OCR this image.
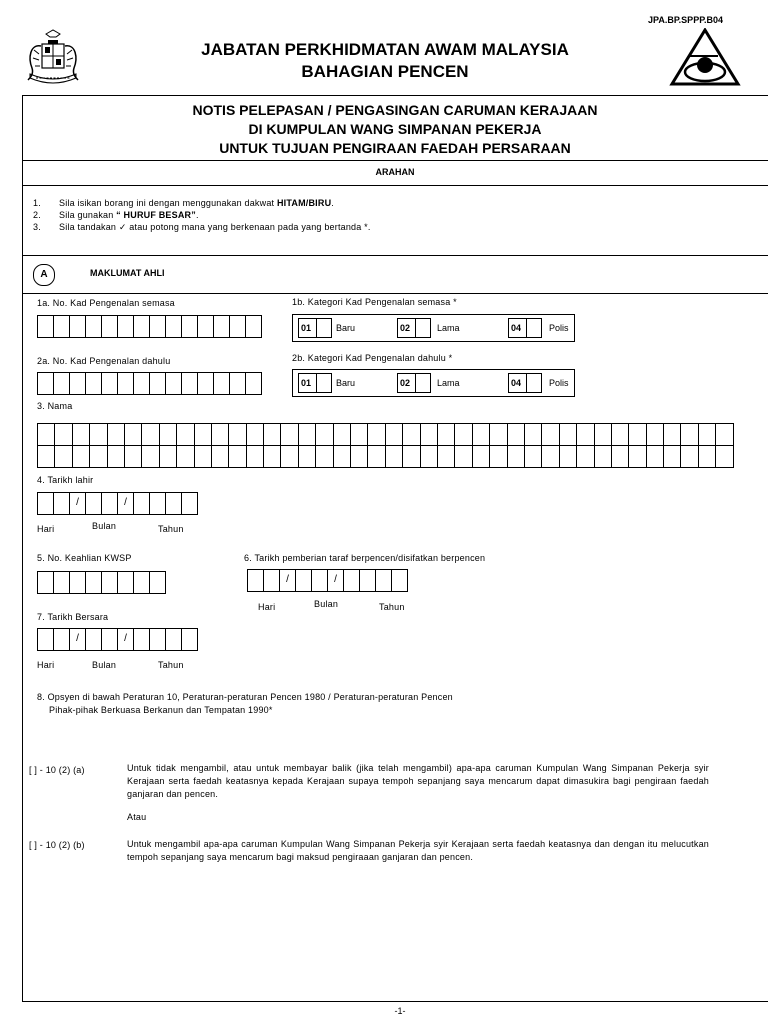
JPA.BP.SPPP.B04
JABATAN PERKHIDMATAN AWAM MALAYSIA
BAHAGIAN PENCEN
NOTIS PELEPASAN / PENGASINGAN CARUMAN KERAJAAN
DI KUMPULAN WANG SIMPANAN PEKERJA
UNTUK TUJUAN PENGIRAAN FAEDAH PERSARAAN
ARAHAN
1. Sila isikan borang ini dengan menggunakan dakwat HITAM/BIRU.
2. Sila gunakan “ HURUF BESAR”.
3. Sila tandakan ✓ atau potong mana yang berkenaan pada yang bertanda *.
A	MAKLUMAT AHLI
1a. No. Kad Pengenalan semasa	1b. Kategori Kad Pengenalan semasa *
01	Baru	02	Lama	04	Polis
2a. No. Kad Pengenalan dahulu	2b. Kategori Kad Pengenalan dahulu *
01	Baru	02	Lama	04	Polis
3. Nama
4. Tarikh lahir
/	/
Hari	Bulan	Tahun
5. No. Keahlian KWSP	6. Tarikh pemberian taraf berpencen/disifatkan berpencen
/	/
Hari	Bulan	Tahun
7. Tarikh Bersara
/	/
Hari	Bulan	Tahun
8. Opsyen di bawah Peraturan 10, Peraturan-peraturan Pencen 1980 / Peraturan-peraturan Pencen
Pihak-pihak Berkuasa Berkanun dan Tempatan 1990*
[ ] - 10 (2) (a)	Untuk tidak mengambil, atau untuk membayar balik (jika telah mengambil) apa-apa caruman Kumpulan Wang Simpanan Pekerja syir Kerajaan serta faedah keatasnya kepada Kerajaan supaya tempoh sepanjang saya mencarum dapat dimasukira bagi pengiraan faedah ganjaran dan pencen.
Atau
[ ] - 10 (2) (b)	Untuk mengambil apa-apa caruman Kumpulan Wang Simpanan Pekerja syir Kerajaan serta faedah keatasnya dan dengan itu melucutkan tempoh sepanjang saya mencarum bagi maksud pengiraaan ganjaran dan pencen.
-1-
